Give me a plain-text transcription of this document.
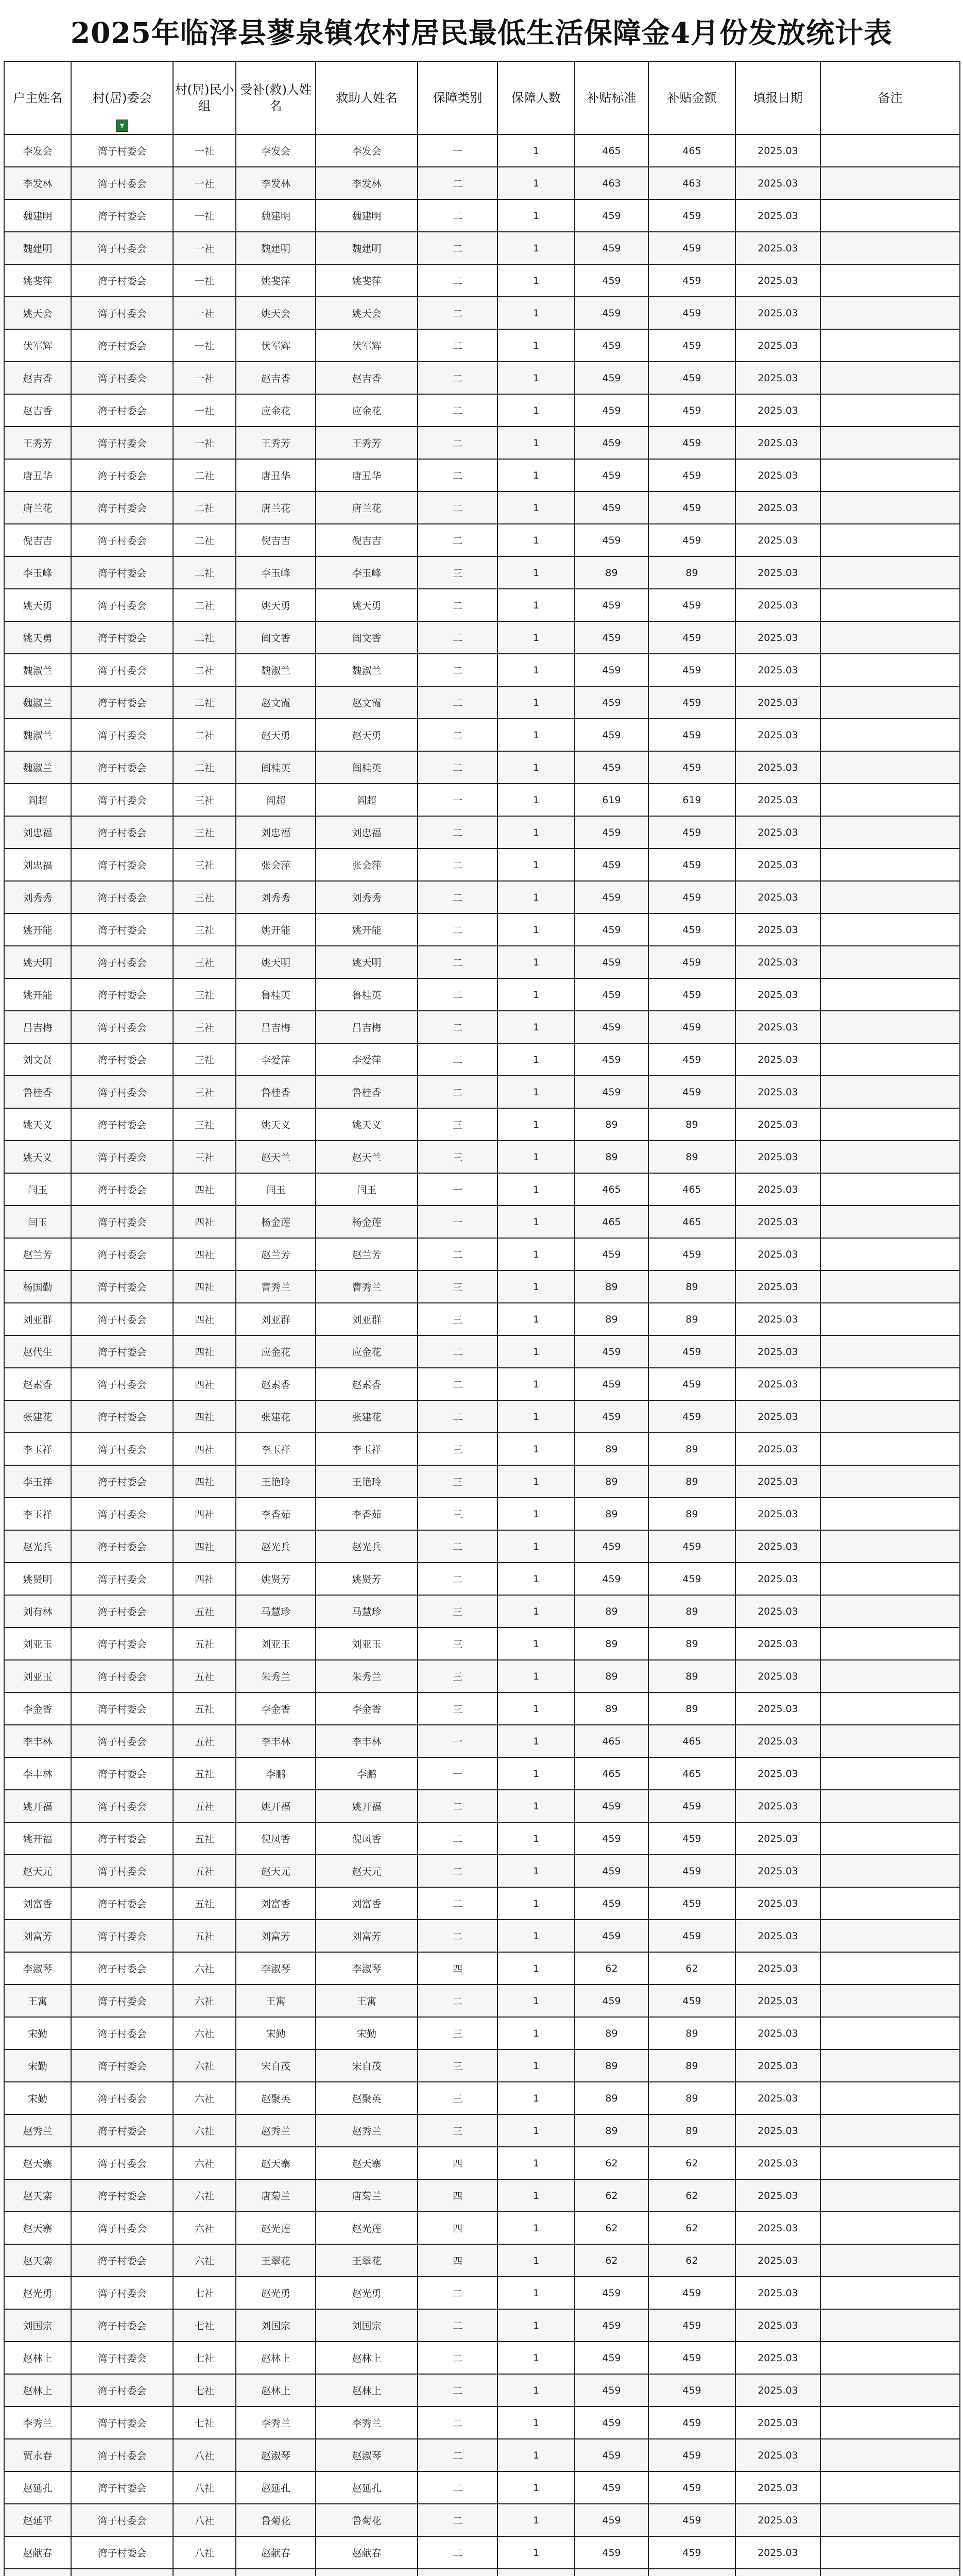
2025年临泽县蓼泉镇农村居民最低生活保障金4月份发放统计表
户主姓名	村(居)委会	村(居)民小组	受补(救)人姓名	救助人姓名	保障类别	保障人数	补贴标准	补贴金额	填报日期	备注
李发会	湾子村委会	一社	李发会	李发会	一	1	465	465	2025.03	
李发林	湾子村委会	一社	李发林	李发林	二	1	463	463	2025.03	
魏建明	湾子村委会	一社	魏建明	魏建明	二	1	459	459	2025.03	
魏建明	湾子村委会	一社	魏建明	魏建明	二	1	459	459	2025.03	
姚斐萍	湾子村委会	一社	姚斐萍	姚斐萍	二	1	459	459	2025.03	
姚天会	湾子村委会	一社	姚天会	姚天会	二	1	459	459	2025.03	
伏军辉	湾子村委会	一社	伏军辉	伏军辉	二	1	459	459	2025.03	
赵吉香	湾子村委会	一社	赵吉香	赵吉香	二	1	459	459	2025.03	
赵吉香	湾子村委会	一社	应金花	应金花	二	1	459	459	2025.03	
王秀芳	湾子村委会	一社	王秀芳	王秀芳	二	1	459	459	2025.03	
唐丑华	湾子村委会	二社	唐丑华	唐丑华	二	1	459	459	2025.03	
唐兰花	湾子村委会	二社	唐兰花	唐兰花	二	1	459	459	2025.03	
倪吉吉	湾子村委会	二社	倪吉吉	倪吉吉	二	1	459	459	2025.03	
李玉峰	湾子村委会	二社	李玉峰	李玉峰	三	1	89	89	2025.03	
姚天勇	湾子村委会	二社	姚天勇	姚天勇	二	1	459	459	2025.03	
姚天勇	湾子村委会	二社	阎文香	阎文香	二	1	459	459	2025.03	
魏淑兰	湾子村委会	二社	魏淑兰	魏淑兰	二	1	459	459	2025.03	
魏淑兰	湾子村委会	二社	赵文霞	赵文霞	二	1	459	459	2025.03	
魏淑兰	湾子村委会	二社	赵天勇	赵天勇	二	1	459	459	2025.03	
魏淑兰	湾子村委会	二社	阎桂英	阎桂英	二	1	459	459	2025.03	
阎超	湾子村委会	三社	阎超	阎超	一	1	619	619	2025.03	
刘忠福	湾子村委会	三社	刘忠福	刘忠福	二	1	459	459	2025.03	
刘忠福	湾子村委会	三社	张会萍	张会萍	二	1	459	459	2025.03	
刘秀秀	湾子村委会	三社	刘秀秀	刘秀秀	二	1	459	459	2025.03	
姚开能	湾子村委会	三社	姚开能	姚开能	二	1	459	459	2025.03	
姚天明	湾子村委会	三社	姚天明	姚天明	二	1	459	459	2025.03	
姚开能	湾子村委会	三社	鲁桂英	鲁桂英	二	1	459	459	2025.03	
吕吉梅	湾子村委会	三社	吕吉梅	吕吉梅	二	1	459	459	2025.03	
刘文贤	湾子村委会	三社	李爱萍	李爱萍	二	1	459	459	2025.03	
鲁桂香	湾子村委会	三社	鲁桂香	鲁桂香	二	1	459	459	2025.03	
姚天义	湾子村委会	三社	姚天义	姚天义	三	1	89	89	2025.03	
姚天义	湾子村委会	三社	赵天兰	赵天兰	三	1	89	89	2025.03	
闫玉	湾子村委会	四社	闫玉	闫玉	一	1	465	465	2025.03	
闫玉	湾子村委会	四社	杨金莲	杨金莲	一	1	465	465	2025.03	
赵兰芳	湾子村委会	四社	赵兰芳	赵兰芳	二	1	459	459	2025.03	
杨国勤	湾子村委会	四社	曹秀兰	曹秀兰	三	1	89	89	2025.03	
刘亚群	湾子村委会	四社	刘亚群	刘亚群	三	1	89	89	2025.03	
赵代生	湾子村委会	四社	应金花	应金花	二	1	459	459	2025.03	
赵素香	湾子村委会	四社	赵素香	赵素香	二	1	459	459	2025.03	
张建花	湾子村委会	四社	张建花	张建花	二	1	459	459	2025.03	
李玉祥	湾子村委会	四社	李玉祥	李玉祥	三	1	89	89	2025.03	
李玉祥	湾子村委会	四社	王艳玲	王艳玲	三	1	89	89	2025.03	
李玉祥	湾子村委会	四社	李香茹	李香茹	三	1	89	89	2025.03	
赵光兵	湾子村委会	四社	赵光兵	赵光兵	二	1	459	459	2025.03	
姚贤明	湾子村委会	四社	姚贤芳	姚贤芳	二	1	459	459	2025.03	
刘有林	湾子村委会	五社	马慧珍	马慧珍	三	1	89	89	2025.03	
刘亚玉	湾子村委会	五社	刘亚玉	刘亚玉	三	1	89	89	2025.03	
刘亚玉	湾子村委会	五社	朱秀兰	朱秀兰	三	1	89	89	2025.03	
李金香	湾子村委会	五社	李金香	李金香	三	1	89	89	2025.03	
李丰林	湾子村委会	五社	李丰林	李丰林	一	1	465	465	2025.03	
李丰林	湾子村委会	五社	李鹏	李鹏	一	1	465	465	2025.03	
姚开福	湾子村委会	五社	姚开福	姚开福	二	1	459	459	2025.03	
姚开福	湾子村委会	五社	倪凤香	倪凤香	二	1	459	459	2025.03	
赵天元	湾子村委会	五社	赵天元	赵天元	二	1	459	459	2025.03	
刘富香	湾子村委会	五社	刘富香	刘富香	二	1	459	459	2025.03	
刘富芳	湾子村委会	五社	刘富芳	刘富芳	二	1	459	459	2025.03	
李淑琴	湾子村委会	六社	李淑琴	李淑琴	四	1	62	62	2025.03	
王寓	湾子村委会	六社	王寓	王寓	二	1	459	459	2025.03	
宋勤	湾子村委会	六社	宋勤	宋勤	三	1	89	89	2025.03	
宋勤	湾子村委会	六社	宋自茂	宋自茂	三	1	89	89	2025.03	
宋勤	湾子村委会	六社	赵聚英	赵聚英	三	1	89	89	2025.03	
赵秀兰	湾子村委会	六社	赵秀兰	赵秀兰	三	1	89	89	2025.03	
赵天寨	湾子村委会	六社	赵天寨	赵天寨	四	1	62	62	2025.03	
赵天寨	湾子村委会	六社	唐菊兰	唐菊兰	四	1	62	62	2025.03	
赵天寨	湾子村委会	六社	赵光莲	赵光莲	四	1	62	62	2025.03	
赵天寨	湾子村委会	六社	王翠花	王翠花	四	1	62	62	2025.03	
赵光勇	湾子村委会	七社	赵光勇	赵光勇	二	1	459	459	2025.03	
刘国宗	湾子村委会	七社	刘国宗	刘国宗	二	1	459	459	2025.03	
赵林上	湾子村委会	七社	赵林上	赵林上	二	1	459	459	2025.03	
赵林上	湾子村委会	七社	赵林上	赵林上	二	1	459	459	2025.03	
李秀兰	湾子村委会	七社	李秀兰	李秀兰	二	1	459	459	2025.03	
贾永春	湾子村委会	八社	赵淑琴	赵淑琴	二	1	459	459	2025.03	
赵延孔	湾子村委会	八社	赵延孔	赵延孔	二	1	459	459	2025.03	
赵延平	湾子村委会	八社	鲁菊花	鲁菊花	二	1	459	459	2025.03	
赵献春	湾子村委会	八社	赵献春	赵献春	二	1	459	459	2025.03	
